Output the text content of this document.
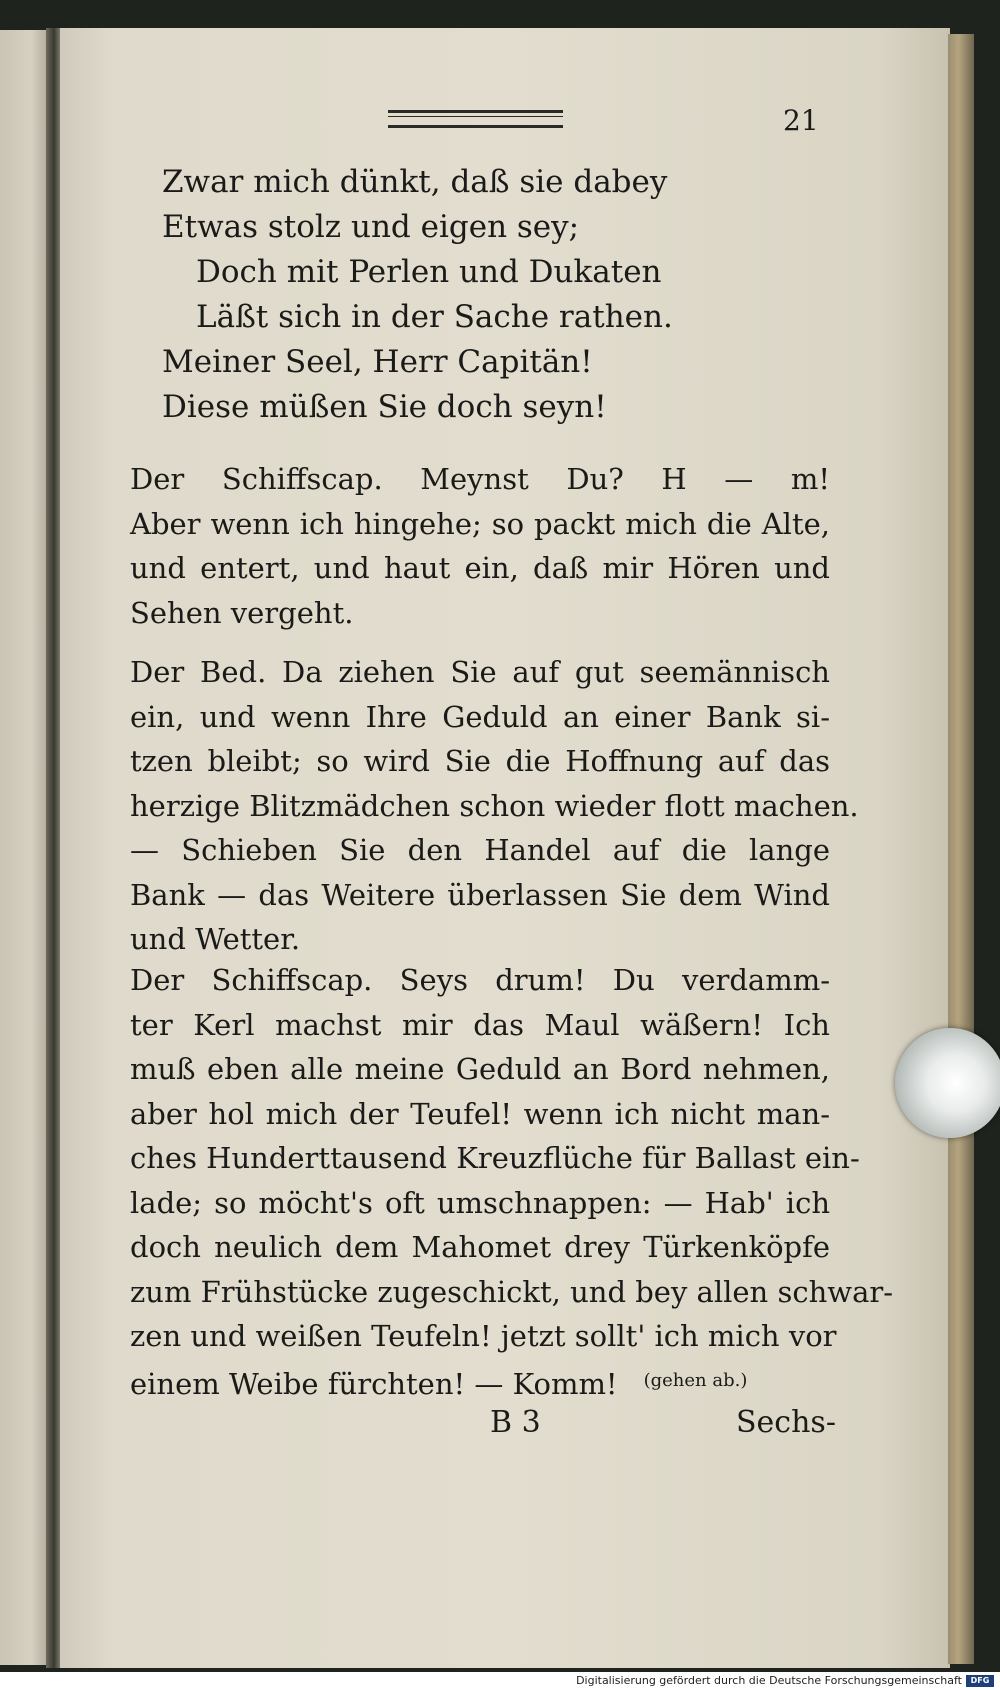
21
Zwar mich dünkt, daß sie dabey
Etwas stolz und eigen sey;
Doch mit Perlen und Dukaten
Läßt sich in der Sache rathen.
Meiner Seel, Herr Capitän!
Diese müßen Sie doch seyn!
Der Schiffscap. Meynst Du? H — m!
Aber wenn ich hingehe; so packt mich die Alte,
und entert, und haut ein, daß mir Hören und
Sehen vergeht.
Der Bed. Da ziehen Sie auf gut seemännisch
ein, und wenn Ihre Geduld an einer Bank si-
tzen bleibt; so wird Sie die Hoffnung auf das
herzige Blitzmädchen schon wieder flott machen.
— Schieben Sie den Handel auf die lange
Bank — das Weitere überlassen Sie dem Wind
und Wetter.
Der Schiffscap. Seys drum! Du verdamm-
ter Kerl machst mir das Maul wäßern! Ich
muß eben alle meine Geduld an Bord nehmen,
aber hol mich der Teufel! wenn ich nicht man-
ches Hunderttausend Kreuzflüche für Ballast ein-
lade; so möcht's oft umschnappen: — Hab' ich
doch neulich dem Mahomet drey Türkenköpfe
zum Frühstücke zugeschickt, und bey allen schwar-
zen und weißen Teufeln! jetzt sollt' ich mich vor
einem Weibe fürchten! — Komm! $^{(gehen ab.)}$
B 3	Sechs-
Digitalisierung gefördert durch die Deutsche Forschungsgemeinschaft	DFG
